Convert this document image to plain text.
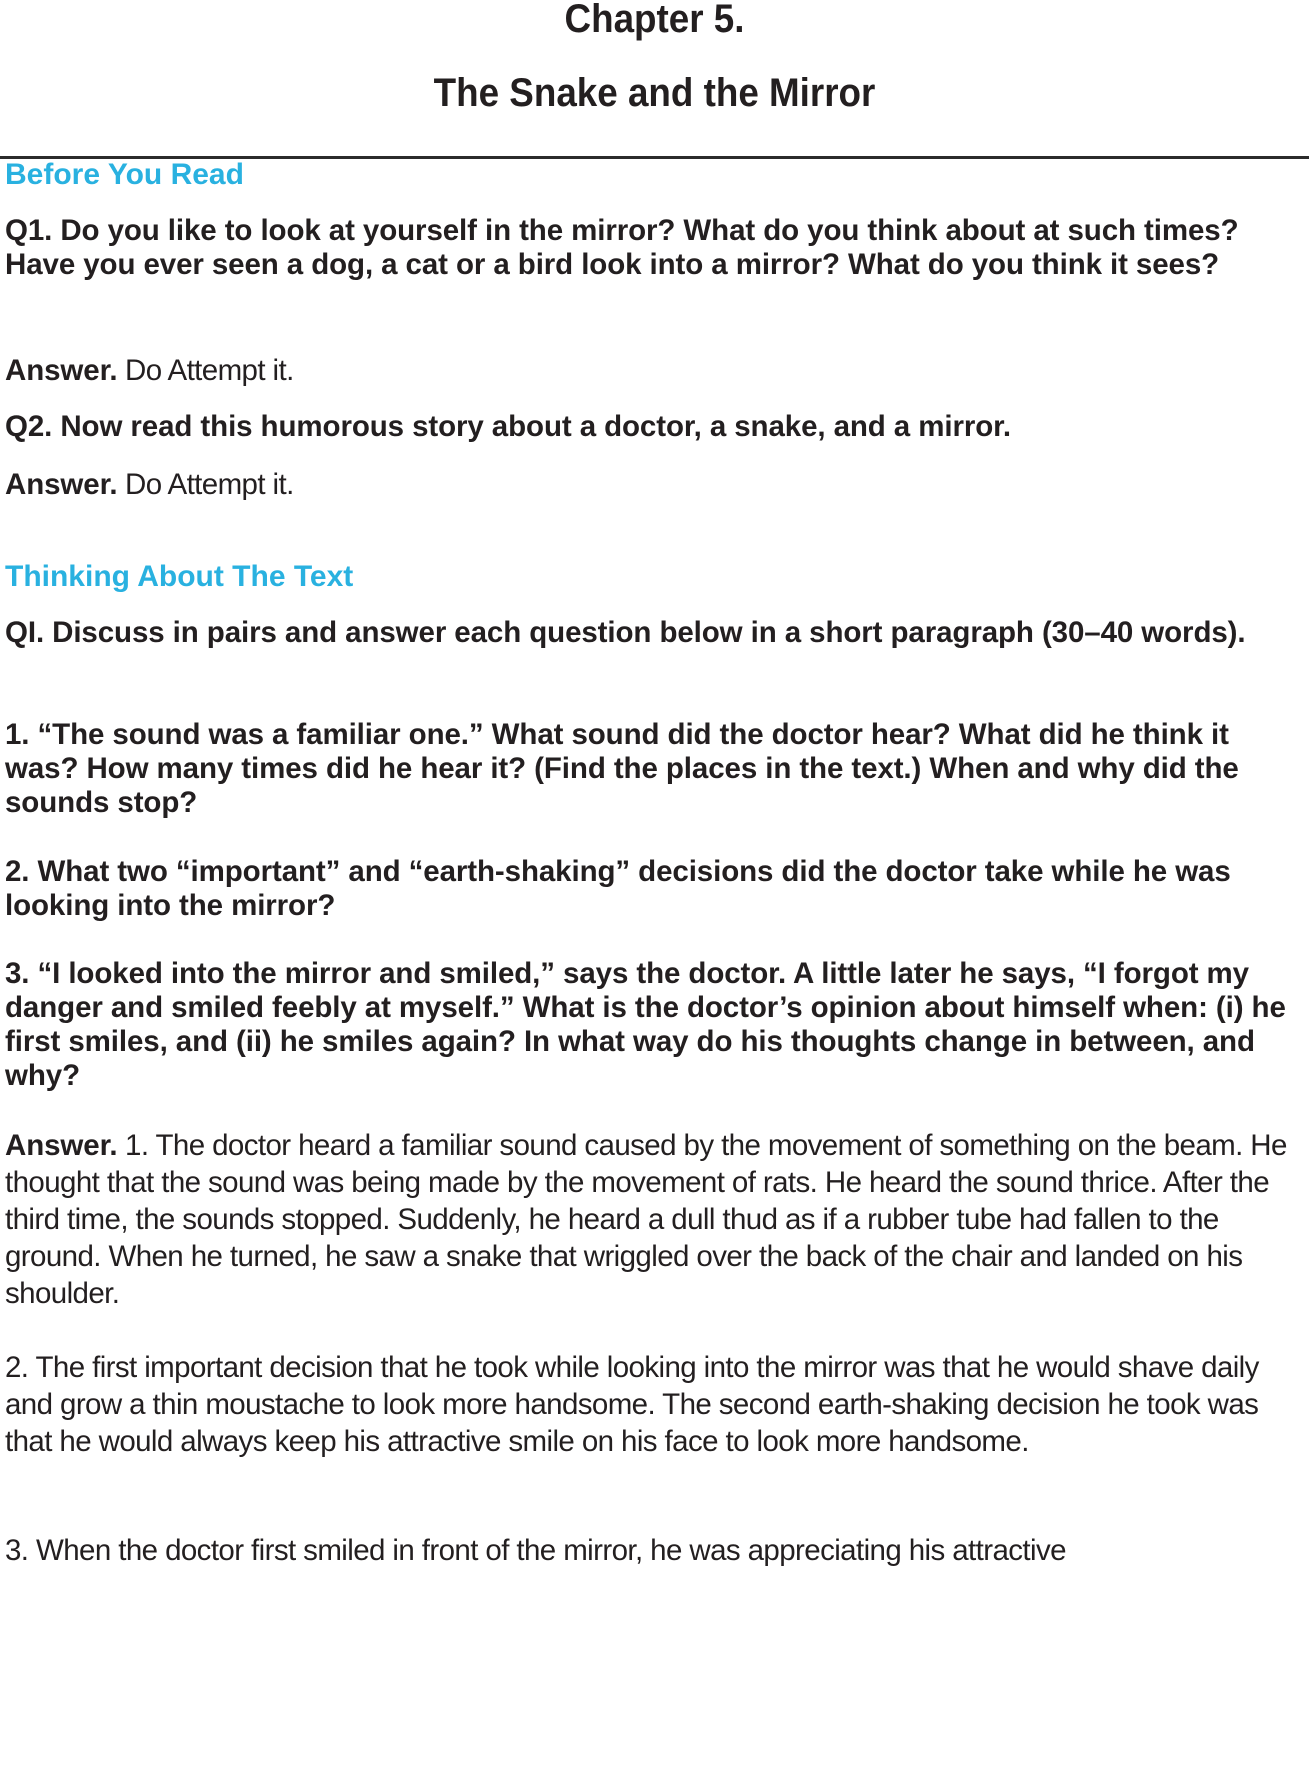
Chapter 5.
The Snake and the Mirror
Before You Read
Q1. Do you like to look at yourself in the mirror? What do you think about at such times? Have you ever seen a dog, a cat or a bird look into a mirror? What do you think it sees?
Answer. Do Attempt it.
Q2. Now read this humorous story about a doctor, a snake, and a mirror.
Answer. Do Attempt it.
Thinking About The Text
QI. Discuss in pairs and answer each question below in a short paragraph (30–40 words).
1. “The sound was a familiar one.” What sound did the doctor hear? What did he think it was? How many times did he hear it? (Find the places in the text.) When and why did the sounds stop?
2. What two “important” and “earth-shaking” decisions did the doctor take while he was looking into the mirror?
3. “I looked into the mirror and smiled,” says the doctor. A little later he says, “I forgot my danger and smiled feebly at myself.” What is the doctor’s opinion about himself when: (i) he first smiles, and (ii) he smiles again? In what way do his thoughts change in between, and why?
Answer. 1. The doctor heard a familiar sound caused by the movement of something on the beam. He thought that the sound was being made by the movement of rats. He heard the sound thrice. After the third time, the sounds stopped. Suddenly, he heard a dull thud as if a rubber tube had fallen to the ground. When he turned, he saw a snake that wriggled over the back of the chair and landed on his shoulder.
2. The first important decision that he took while looking into the mirror was that he would shave daily and grow a thin moustache to look more handsome. The second earth-shaking decision he took was that he would always keep his attractive smile on his face to look more handsome.
3. When the doctor first smiled in front of the mirror, he was appreciating his attractive
